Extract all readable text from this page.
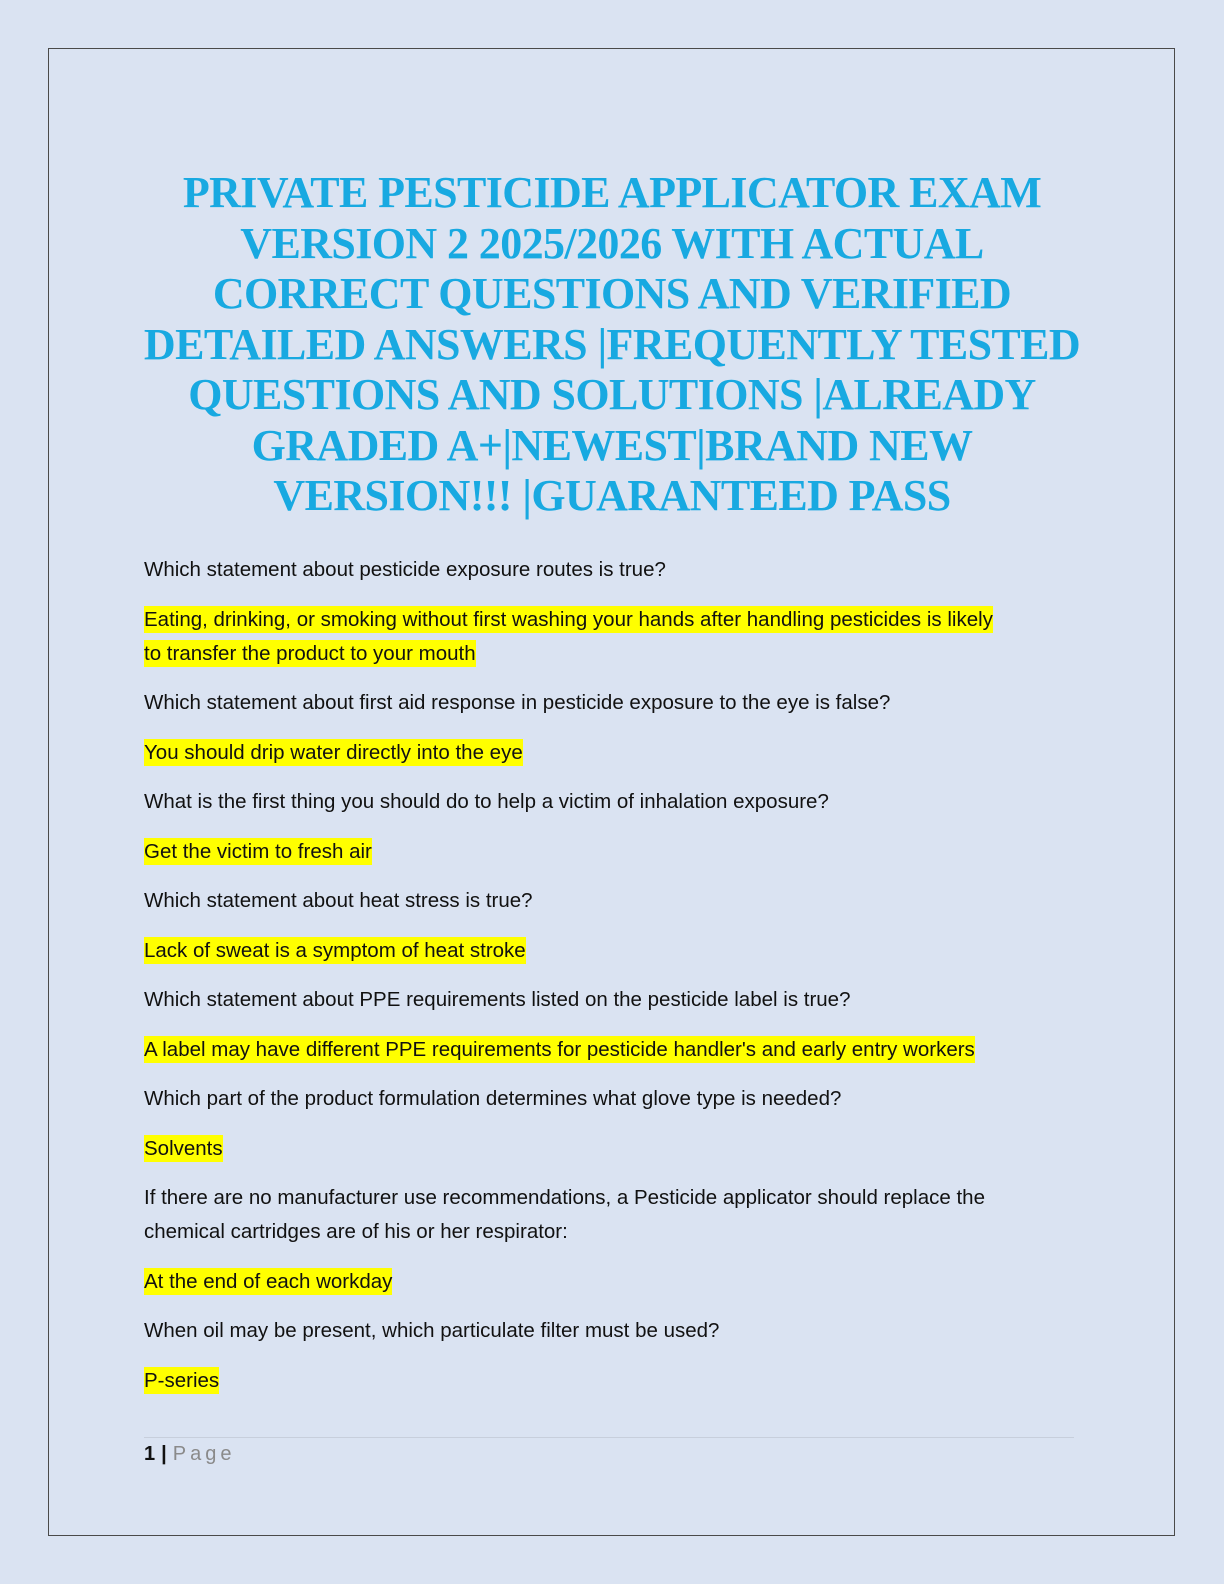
PRIVATE PESTICIDE APPLICATOR EXAM
VERSION 2 2025/2026 WITH ACTUAL
CORRECT QUESTIONS AND VERIFIED
DETAILED ANSWERS |FREQUENTLY TESTED
QUESTIONS AND SOLUTIONS |ALREADY
GRADED A+|NEWEST|BRAND NEW
VERSION!!! |GUARANTEED PASS

Which statement about pesticide exposure routes is true?

Eating, drinking, or smoking without first washing your hands after handling pesticides is likely
to transfer the product to your mouth

Which statement about first aid response in pesticide exposure to the eye is false?

You should drip water directly into the eye

What is the first thing you should do to help a victim of inhalation exposure?

Get the victim to fresh air

Which statement about heat stress is true?

Lack of sweat is a symptom of heat stroke

Which statement about PPE requirements listed on the pesticide label is true?

A label may have different PPE requirements for pesticide handler's and early entry workers

Which part of the product formulation determines what glove type is needed?

Solvents

If there are no manufacturer use recommendations, a Pesticide applicator should replace the
chemical cartridges are of his or her respirator:

At the end of each workday

When oil may be present, which particulate filter must be used?

P-series

1 | Page
